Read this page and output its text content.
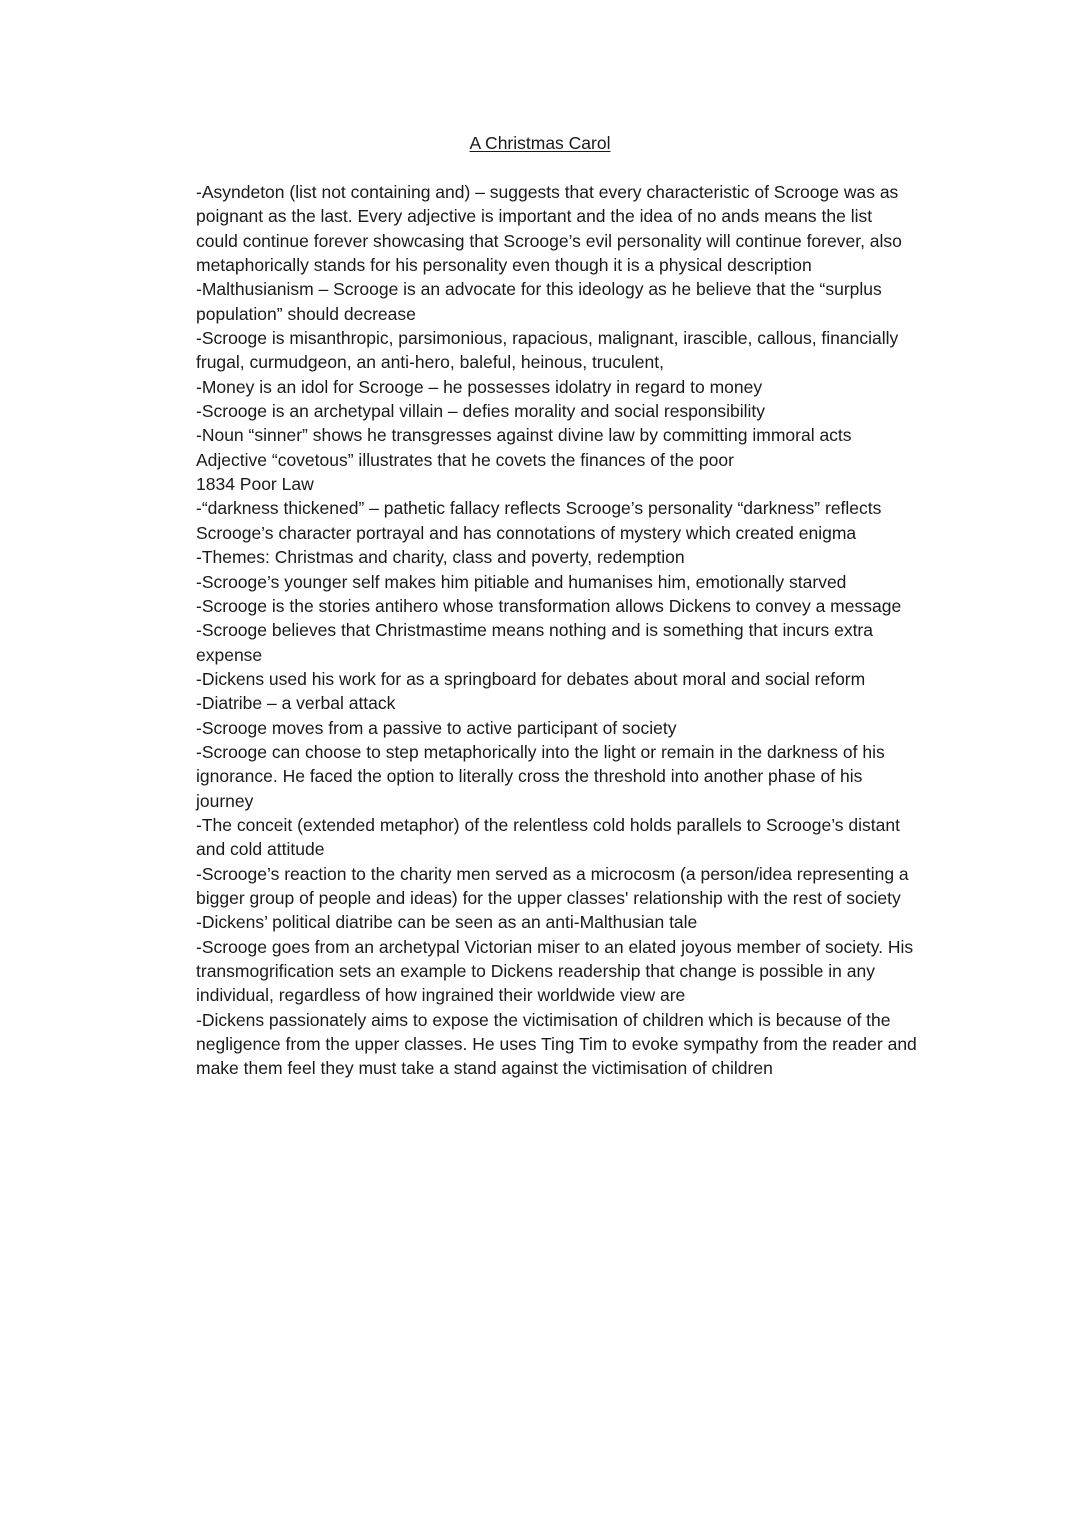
A Christmas Carol
-Asyndeton (list not containing and) – suggests that every characteristic of Scrooge was as
poignant as the last. Every adjective is important and the idea of no ands means the list
could continue forever showcasing that Scrooge’s evil personality will continue forever, also
metaphorically stands for his personality even though it is a physical description
-Malthusianism – Scrooge is an advocate for this ideology as he believe that the “surplus
population” should decrease
-Scrooge is misanthropic, parsimonious, rapacious, malignant, irascible, callous, financially
frugal, curmudgeon, an anti-hero, baleful, heinous, truculent,
-Money is an idol for Scrooge – he possesses idolatry in regard to money
-Scrooge is an archetypal villain – defies morality and social responsibility
-Noun “sinner” shows he transgresses against divine law by committing immoral acts
Adjective “covetous” illustrates that he covets the finances of the poor
1834 Poor Law
-“darkness thickened” – pathetic fallacy reflects Scrooge’s personality “darkness” reflects
Scrooge’s character portrayal and has connotations of mystery which created enigma
-Themes: Christmas and charity, class and poverty, redemption
-Scrooge’s younger self makes him pitiable and humanises him, emotionally starved
-Scrooge is the stories antihero whose transformation allows Dickens to convey a message
-Scrooge believes that Christmastime means nothing and is something that incurs extra
expense
-Dickens used his work for as a springboard for debates about moral and social reform
-Diatribe – a verbal attack
-Scrooge moves from a passive to active participant of society
-Scrooge can choose to step metaphorically into the light or remain in the darkness of his
ignorance. He faced the option to literally cross the threshold into another phase of his
journey
-The conceit (extended metaphor) of the relentless cold holds parallels to Scrooge’s distant
and cold attitude
-Scrooge’s reaction to the charity men served as a microcosm (a person/idea representing a
bigger group of people and ideas) for the upper classes' relationship with the rest of society
-Dickens’ political diatribe can be seen as an anti-Malthusian tale
-Scrooge goes from an archetypal Victorian miser to an elated joyous member of society. His
transmogrification sets an example to Dickens readership that change is possible in any
individual, regardless of how ingrained their worldwide view are
-Dickens passionately aims to expose the victimisation of children which is because of the
negligence from the upper classes. He uses Ting Tim to evoke sympathy from the reader and
make them feel they must take a stand against the victimisation of children
